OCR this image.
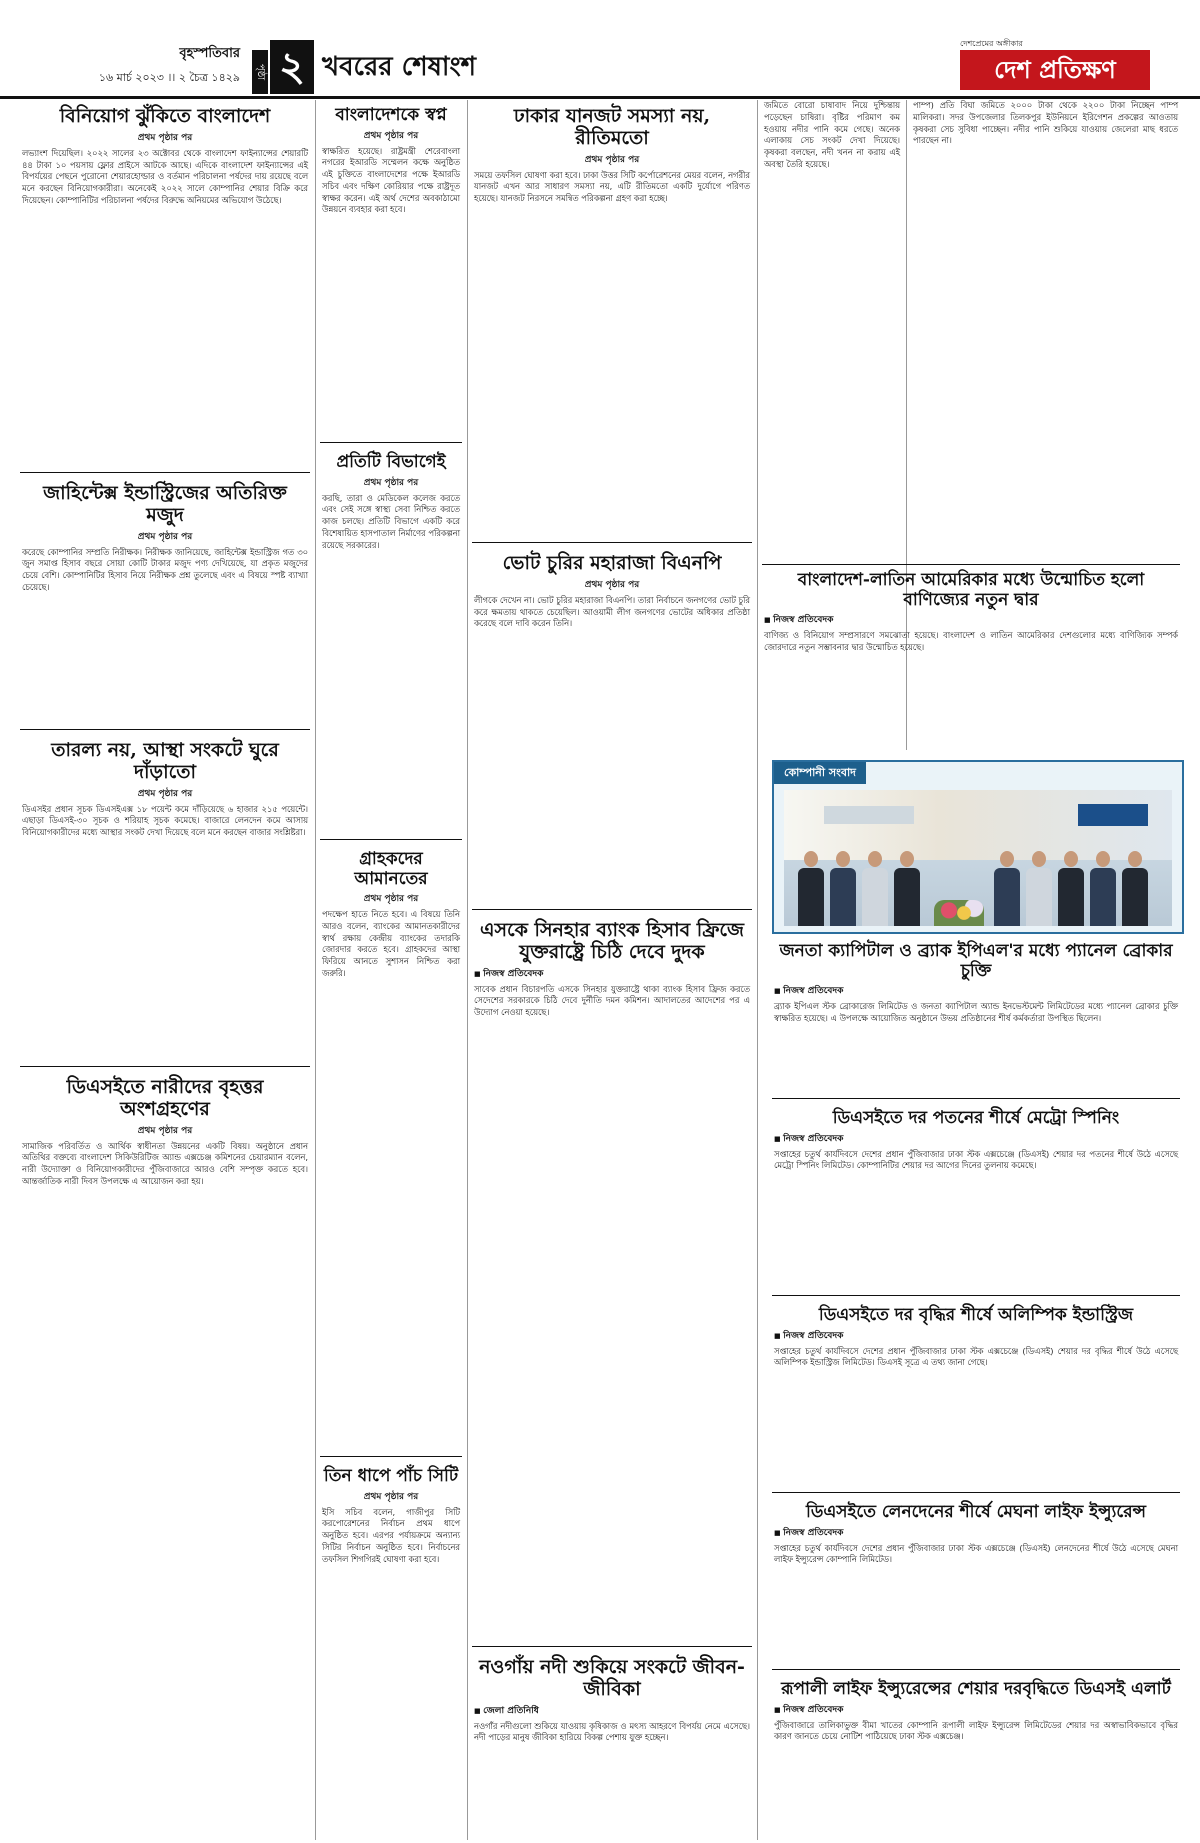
বৃহস্পতিবার
১৬ মার্চ ২০২৩ ।। ২ চৈত্র ১৪২৯	পৃষ্ঠা ২ খবরের শেষাংশ
দেশপ্রেমের অঙ্গীকার
দেশ প্রতিক্ষণ
বিনিয়োগ ঝুঁকিতে বাংলাদেশ
প্রথম পৃষ্ঠার পর

লভ্যাংশ দিয়েছিল। ২০২২ সালের ২৩ অক্টোবর থেকে বাংলাদেশ ফাইন্যান্সের শেয়ারটি ৪৪ টাকা ১০ পয়সায় ফ্লোর প্রাইসে আটকে আছে। এদিকে বাংলাদেশ ফাইন্যান্সের এই বিপর্যয়ের পেছনে পুরোনো শেয়ারহোল্ডার ও বর্তমান পরিচালনা পর্ষদের দায় রয়েছে বলে মনে করছেন বিনিয়োগকারীরা। অনেকেই ২০২২ সালে কোম্পানির শেয়ার বিক্রি করে দিয়েছেন। কোম্পানিটির পরিচালনা পর্ষদের বিরুদ্ধে অনিয়মের অভিযোগ উঠেছে।

জাহিন্টেক্স ইন্ডাস্ট্রিজের অতিরিক্ত মজুদ
প্রথম পৃষ্ঠার পর

করেছে কোম্পানির সম্প্রতি নিরীক্ষক। নিরীক্ষক জানিয়েছে, জাহিন্টেক্স ইন্ডাস্ট্রিজ গত ৩০ জুন সমাপ্ত হিসাব বছরে সোয়া কোটি টাকার মজুদ পণ্য দেখিয়েছে, যা প্রকৃত মজুদের চেয়ে বেশি। কোম্পানিটির হিসাব নিয়ে নিরীক্ষক প্রশ্ন তুলেছে এবং এ বিষয়ে স্পষ্ট ব্যাখ্যা চেয়েছে।

তারল্য নয়, আস্থা সংকটে ঘুরে দাঁড়াতো
প্রথম পৃষ্ঠার পর

ডিএসইর প্রধান সূচক ডিএসইএক্স ১৮ পয়েন্ট কমে দাঁড়িয়েছে ৬ হাজার ২১৫ পয়েন্টে। এছাড়া ডিএসই-৩০ সূচক ও শরিয়াহ সূচক কমেছে। বাজারে লেনদেন কমে আসায় বিনিয়োগকারীদের মধ্যে আস্থার সংকট দেখা দিয়েছে বলে মনে করছেন বাজার সংশ্লিষ্টরা।

ডিএসইতে নারীদের বৃহত্তর অংশগ্রহণের
প্রথম পৃষ্ঠার পর

সামাজিক পরিবর্তিত ও আর্থিক স্বাধীনতা উন্নয়নের একটি বিষয়। অনুষ্ঠানে প্রধান অতিথির বক্তব্যে বাংলাদেশ সিকিউরিটিজ অ্যান্ড এক্সচেঞ্জ কমিশনের চেয়ারম্যান বলেন, নারী উদ্যোক্তা ও বিনিয়োগকারীদের পুঁজিবাজারে আরও বেশি সম্পৃক্ত করতে হবে। আন্তর্জাতিক নারী দিবস উপলক্ষে এ আয়োজন করা হয়।

বাংলাদেশকে স্বপ্ন
প্রথম পৃষ্ঠার পর

স্বাক্ষরিত হয়েছে। রাষ্ট্রমন্ত্রী শেরেবাংলা নগরের ইআরডি সম্মেলন কক্ষে অনুষ্ঠিত এই চুক্তিতে বাংলাদেশের পক্ষে ইআরডি সচিব এবং দক্ষিণ কোরিয়ার পক্ষে রাষ্ট্রদূত স্বাক্ষর করেন। এই অর্থ দেশের অবকাঠামো উন্নয়নে ব্যবহার করা হবে।

প্রতিটি বিভাগেই
প্রথম পৃষ্ঠার পর

করছি, তারা ও মেডিকেল কলেজ করতে এবং সেই সঙ্গে স্বাস্থ্য সেবা নিশ্চিত করতে কাজ চলছে। প্রতিটি বিভাগে একটি করে বিশেষায়িত হাসপাতাল নির্মাণের পরিকল্পনা রয়েছে সরকারের।

গ্রাহকদের আমানতের
প্রথম পৃষ্ঠার পর

পদক্ষেপ হাতে নিতে হবে। এ বিষয়ে তিনি আরও বলেন, ব্যাংকের আমানতকারীদের স্বার্থ রক্ষায় কেন্দ্রীয় ব্যাংকের তদারকি জোরদার করতে হবে। গ্রাহকদের আস্থা ফিরিয়ে আনতে সুশাসন নিশ্চিত করা জরুরি।

তিন ধাপে পাঁচ সিটি
প্রথম পৃষ্ঠার পর

ইসি সচিব বলেন, গাজীপুর সিটি করপোরেশনের নির্বাচন প্রথম ধাপে অনুষ্ঠিত হবে। এরপর পর্যায়ক্রমে অন্যান্য সিটির নির্বাচন অনুষ্ঠিত হবে। নির্বাচনের তফসিল শিগগিরই ঘোষণা করা হবে।

ঢাকার যানজট সমস্যা নয়, রীতিমতো
প্রথম পৃষ্ঠার পর

সময়ে তফসিল ঘোষণা করা হবে। ঢাকা উত্তর সিটি কর্পোরেশনের মেয়র বলেন, নগরীর যানজট এখন আর সাধারণ সমস্যা নয়, এটি রীতিমতো একটি দুর্যোগে পরিণত হয়েছে। যানজট নিরসনে সমন্বিত পরিকল্পনা গ্রহণ করা হচ্ছে।

ভোট চুরির মহারাজা বিএনপি
প্রথম পৃষ্ঠার পর

লীগকে দেখেন না। ভোট চুরির মহারাজা বিএনপি। তারা নির্বাচনে জনগণের ভোট চুরি করে ক্ষমতায় থাকতে চেয়েছিল। আওয়ামী লীগ জনগণের ভোটের অধিকার প্রতিষ্ঠা করেছে বলে দাবি করেন তিনি।

এসকে সিনহার ব্যাংক হিসাব ফ্রিজে যুক্তরাষ্ট্রে চিঠি দেবে দুদক
■ নিজস্ব প্রতিবেদক

সাবেক প্রধান বিচারপতি এসকে সিনহার যুক্তরাষ্ট্রে থাকা ব্যাংক হিসাব ফ্রিজ করতে সেদেশের সরকারকে চিঠি দেবে দুর্নীতি দমন কমিশন। আদালতের আদেশের পর এ উদ্যোগ নেওয়া হয়েছে।

নওগাঁয় নদী শুকিয়ে সংকটে জীবন-জীবিকা
■ জেলা প্রতিনিধি

নওগাঁর নদীগুলো শুকিয়ে যাওয়ায় কৃষিকাজ ও মৎস্য আহরণে বিপর্যয় নেমে এসেছে। নদী পাড়ের মানুষ জীবিকা হারিয়ে বিকল্প পেশায় যুক্ত হচ্ছেন।

জমিতে বোরো চাষাবাদ নিয়ে দুশ্চিন্তায় পড়েছেন চাষিরা। বৃষ্টির পরিমাণ কম হওয়ায় নদীর পানি কমে গেছে। অনেক এলাকায় সেচ সংকট দেখা দিয়েছে। কৃষকরা বলছেন, নদী খনন না করায় এই অবস্থা তৈরি হয়েছে।

পাম্প) প্রতি বিঘা জমিতে ২০০০ টাকা থেকে ২২০০ টাকা নিচ্ছেন পাম্প মালিকরা। সদর উপজেলার তিলকপুর ইউনিয়নে ইরিগেশন প্রকল্পের আওতায় কৃষকরা সেচ সুবিধা পাচ্ছেন। নদীর পানি শুকিয়ে যাওয়ায় জেলেরা মাছ ধরতে পারছেন না।

বাংলাদেশ-লাতিন আমেরিকার মধ্যে উন্মোচিত হলো বাণিজ্যের নতুন দ্বার
■ নিজস্ব প্রতিবেদক

বাণিজ্য ও বিনিয়োগ সম্প্রসারণে সমঝোতা হয়েছে। বাংলাদেশ ও লাতিন আমেরিকার দেশগুলোর মধ্যে বাণিজ্যিক সম্পর্ক জোরদারে নতুন সম্ভাবনার দ্বার উন্মোচিত হয়েছে।

কোম্পানী সংবাদ
জনতা ক্যাপিটাল ও ব্র্যাক ইপিএল'র মধ্যে প্যানেল ব্রোকার চুক্তি
■ নিজস্ব প্রতিবেদক

ব্র্যাক ইপিএল স্টক ব্রোকারেজ লিমিটেড ও জনতা ক্যাপিটাল অ্যান্ড ইনভেস্টমেন্ট লিমিটেডের মধ্যে প্যানেল ব্রোকার চুক্তি স্বাক্ষরিত হয়েছে। এ উপলক্ষে আয়োজিত অনুষ্ঠানে উভয় প্রতিষ্ঠানের শীর্ষ কর্মকর্তারা উপস্থিত ছিলেন।

ডিএসইতে দর পতনের শীর্ষে মেট্রো স্পিনিং
■ নিজস্ব প্রতিবেদক

সপ্তাহের চতুর্থ কার্যদিবসে দেশের প্রধান পুঁজিবাজার ঢাকা স্টক এক্সচেঞ্জে (ডিএসই) শেয়ার দর পতনের শীর্ষে উঠে এসেছে মেট্রো স্পিনিং লিমিটেড। কোম্পানিটির শেয়ার দর আগের দিনের তুলনায় কমেছে।

ডিএসইতে দর বৃদ্ধির শীর্ষে অলিম্পিক ইন্ডাস্ট্রিজ
■ নিজস্ব প্রতিবেদক

সপ্তাহের চতুর্থ কার্যদিবসে দেশের প্রধান পুঁজিবাজার ঢাকা স্টক এক্সচেঞ্জে (ডিএসই) শেয়ার দর বৃদ্ধির শীর্ষে উঠে এসেছে অলিম্পিক ইন্ডাস্ট্রিজ লিমিটেড। ডিএসই সূত্রে এ তথ্য জানা গেছে।

ডিএসইতে লেনদেনের শীর্ষে মেঘনা লাইফ ইন্স্যুরেন্স
■ নিজস্ব প্রতিবেদক

সপ্তাহের চতুর্থ কার্যদিবসে দেশের প্রধান পুঁজিবাজার ঢাকা স্টক এক্সচেঞ্জে (ডিএসই) লেনদেনের শীর্ষে উঠে এসেছে মেঘনা লাইফ ইন্স্যুরেন্স কোম্পানি লিমিটেড।

রূপালী লাইফ ইন্স্যুরেন্সের শেয়ার দরবৃদ্ধিতে ডিএসই এলার্ট
■ নিজস্ব প্রতিবেদক

পুঁজিবাজারে তালিকাভুক্ত বীমা খাতের কোম্পানি রূপালী লাইফ ইন্স্যুরেন্স লিমিটেডের শেয়ার দর অস্বাভাবিকভাবে বৃদ্ধির কারণ জানতে চেয়ে নোটিশ পাঠিয়েছে ঢাকা স্টক এক্সচেঞ্জ।
